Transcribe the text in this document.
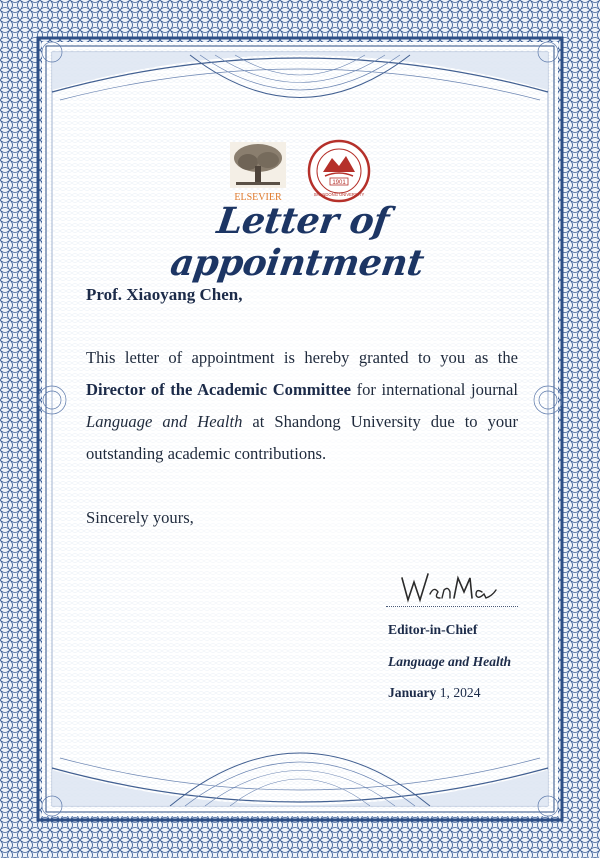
ELSEVIER
1901
SHANDONG UNIVERSITY
Letter of appointment
Prof. Xiaoyang Chen,
This letter of appointment is hereby granted to you as the Director of the Academic Committee for international journal Language and Health at Shandong University due to your outstanding academic contributions.
Sincerely yours,
Editor-in-Chief
Language and Health
January 1, 2024
